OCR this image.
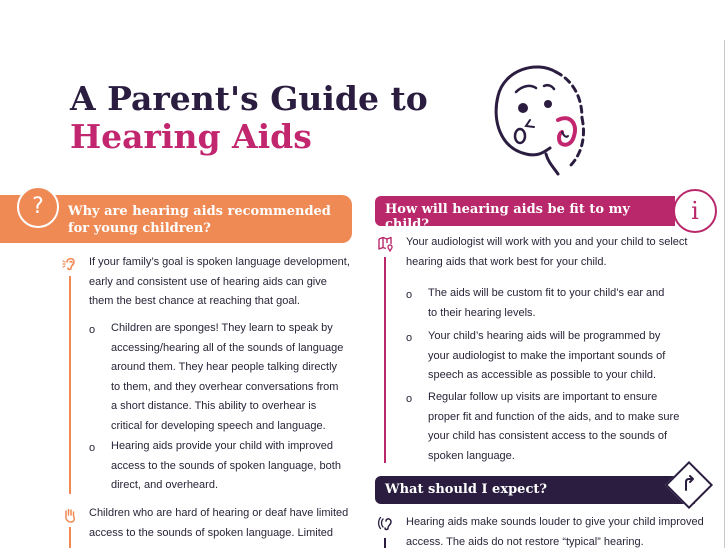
A Parent's Guide to
Hearing Aids
Why are hearing aids recommended for young children?
?

If your family’s goal is spoken language development, early and consistent use of hearing aids can give them the best chance at reaching that goal.

o Children are sponges! They learn to speak by accessing/hearing all of the sounds of language around them. They hear people talking directly to them, and they overhear conversations from a short distance. This ability to overhear is critical for developing speech and language.

o Hearing aids provide your child with improved access to the sounds of spoken language, both direct, and overheard.

Children who are hard of hearing or deaf have limited access to the sounds of spoken language. Limited

How will hearing aids be fit to my child?	i

Your audiologist will work with you and your child to select hearing aids that work best for your child.

o The aids will be custom fit to your child’s ear and to their hearing levels.

o Your child’s hearing aids will be programmed by your audiologist to make the important sounds of speech as accessible as possible to your child.

o Regular follow up visits are important to ensure proper fit and function of the aids, and to make sure your child has consistent access to the sounds of spoken language.

What should I expect?

Hearing aids make sounds louder to give your child improved access. The aids do not restore “typical” hearing.
